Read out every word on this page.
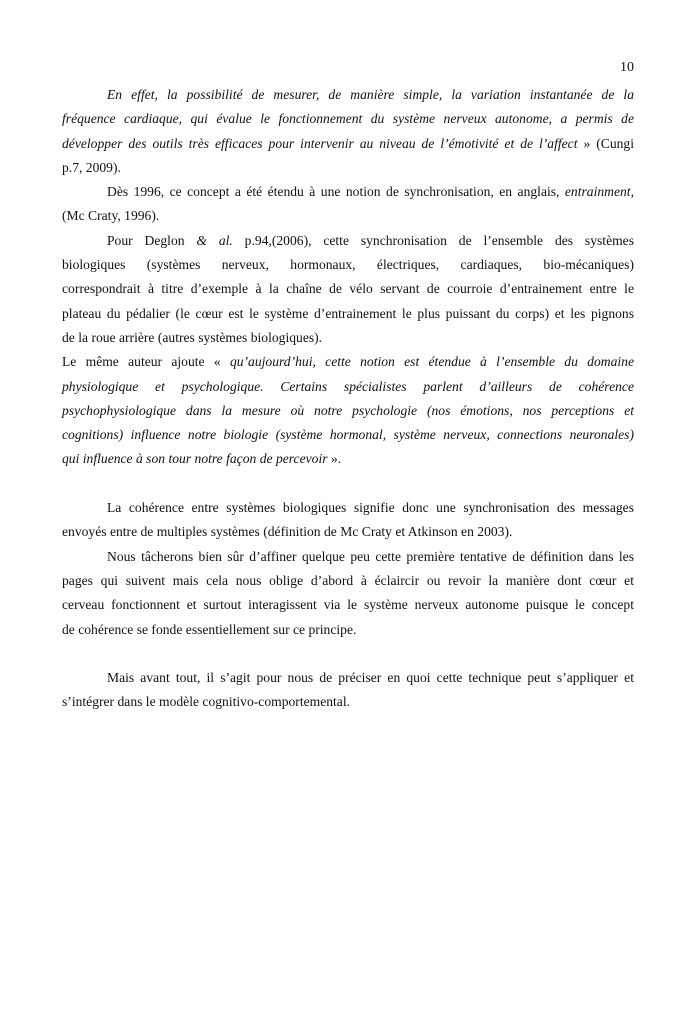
10
En effet, la possibilité de mesurer, de manière simple, la variation instantanée de la
fréquence cardiaque, qui évalue le fonctionnement du système nerveux autonome, a permis de
développer des outils très efficaces pour intervenir au niveau de l’émotivité et de l’affect » (Cungi
p.7, 2009).
Dès 1996, ce concept a été étendu à une notion de synchronisation, en anglais, entrainment,
(Mc Craty, 1996).
Pour Deglon & al. p.94,(2006), cette synchronisation de l’ensemble des systèmes
biologiques (systèmes nerveux, hormonaux, électriques, cardiaques, bio-mécaniques)
correspondrait à titre d’exemple à la chaîne de vélo servant de courroie d’entrainement entre le
plateau du pédalier (le cœur est le système d’entrainement le plus puissant du corps) et les pignons
de la roue arrière (autres systèmes biologiques).
Le même auteur ajoute « qu’aujourd’hui, cette notion est étendue à l’ensemble du domaine
physiologique et psychologique. Certains spécialistes parlent d’ailleurs de cohérence
psychophysiologique dans la mesure où notre psychologie (nos émotions, nos perceptions et
cognitions) influence notre biologie (système hormonal, système nerveux, connections neuronales)
qui influence à son tour notre façon de percevoir ».
La cohérence entre systèmes biologiques signifie donc une synchronisation des messages
envoyés entre de multiples systèmes (définition de Mc Craty et Atkinson en 2003).
Nous tâcherons bien sûr d’affiner quelque peu cette première tentative de définition dans les
pages qui suivent mais cela nous oblige d’abord à éclaircir ou revoir la manière dont cœur et
cerveau fonctionnent et surtout interagissent via le système nerveux autonome puisque le concept
de cohérence se fonde essentiellement sur ce principe.
Mais avant tout, il s’agit pour nous de préciser en quoi cette technique peut s’appliquer et
s’intégrer dans le modèle cognitivo-comportemental.
